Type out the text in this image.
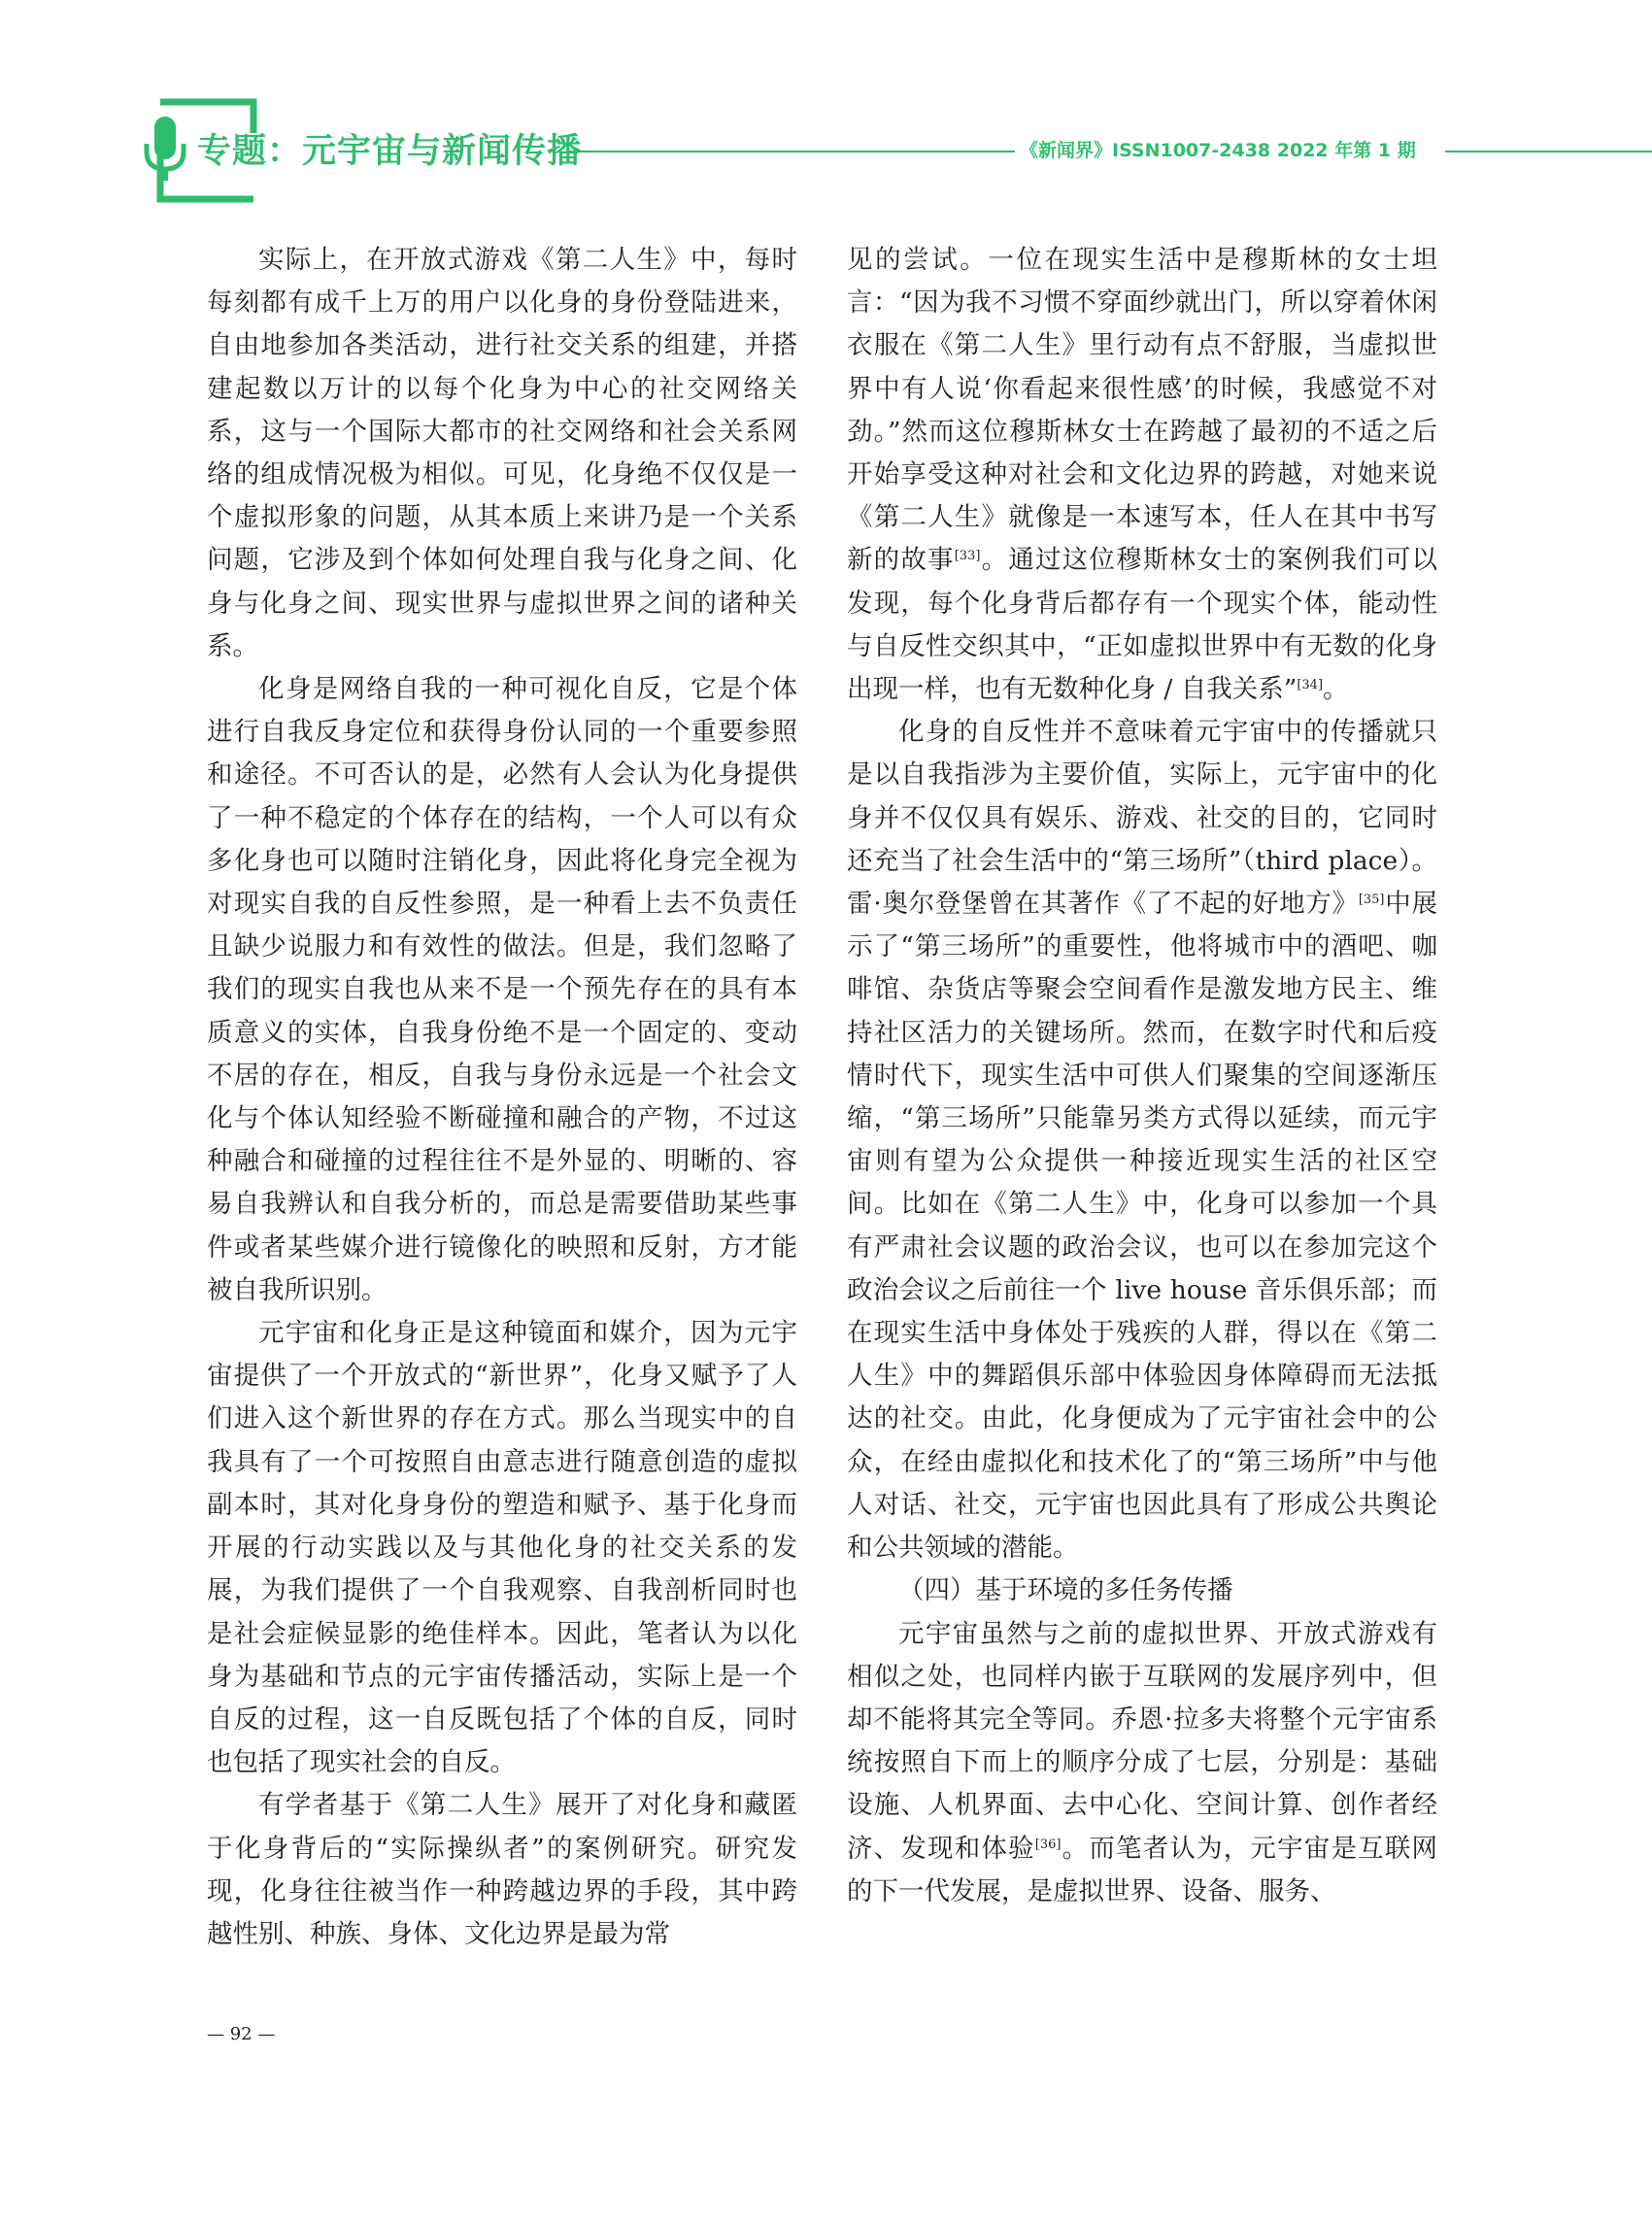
专题：元宇宙与新闻传播	《新闻界》ISSN1007-2438 2022 年第 1 期

实际上，在开放式游戏《第二人生》中，每时每刻都有成千上万的用户以化身的身份登陆进来，自由地参加各类活动，进行社交关系的组建，并搭建起数以万计的以每个化身为中心的社交网络关系，这与一个国际大都市的社交网络和社会关系网络的组成情况极为相似。可见，化身绝不仅仅是一个虚拟形象的问题，从其本质上来讲乃是一个关系问题，它涉及到个体如何处理自我与化身之间、化身与化身之间、现实世界与虚拟世界之间的诸种关系。

化身是网络自我的一种可视化自反，它是个体进行自我反身定位和获得身份认同的一个重要参照和途径。不可否认的是，必然有人会认为化身提供了一种不稳定的个体存在的结构，一个人可以有众多化身也可以随时注销化身，因此将化身完全视为对现实自我的自反性参照，是一种看上去不负责任且缺少说服力和有效性的做法。但是，我们忽略了我们的现实自我也从来不是一个预先存在的具有本质意义的实体，自我身份绝不是一个固定的、变动不居的存在，相反，自我与身份永远是一个社会文化与个体认知经验不断碰撞和融合的产物，不过这种融合和碰撞的过程往往不是外显的、明晰的、容易自我辨认和自我分析的，而总是需要借助某些事件或者某些媒介进行镜像化的映照和反射，方才能被自我所识别。

元宇宙和化身正是这种镜面和媒介，因为元宇宙提供了一个开放式的“新世界”，化身又赋予了人们进入这个新世界的存在方式。那么当现实中的自我具有了一个可按照自由意志进行随意创造的虚拟副本时，其对化身身份的塑造和赋予、基于化身而开展的行动实践以及与其他化身的社交关系的发展，为我们提供了一个自我观察、自我剖析同时也是社会症候显影的绝佳样本。因此，笔者认为以化身为基础和节点的元宇宙传播活动，实际上是一个自反的过程，这一自反既包括了个体的自反，同时也包括了现实社会的自反。

有学者基于《第二人生》展开了对化身和藏匿于化身背后的“实际操纵者”的案例研究。研究发现，化身往往被当作一种跨越边界的手段，其中跨越性别、种族、身体、文化边界是最为常

见的尝试。一位在现实生活中是穆斯林的女士坦言：“因为我不习惯不穿面纱就出门，所以穿着休闲衣服在《第二人生》里行动有点不舒服，当虚拟世界中有人说‘你看起来很性感’的时候，我感觉不对劲。”然而这位穆斯林女士在跨越了最初的不适之后开始享受这种对社会和文化边界的跨越，对她来说《第二人生》就像是一本速写本，任人在其中书写新的故事[33]。通过这位穆斯林女士的案例我们可以发现，每个化身背后都存有一个现实个体，能动性与自反性交织其中，“正如虚拟世界中有无数的化身出现一样，也有无数种化身 / 自我关系”[34]。

化身的自反性并不意味着元宇宙中的传播就只是以自我指涉为主要价值，实际上，元宇宙中的化身并不仅仅具有娱乐、游戏、社交的目的，它同时还充当了社会生活中的“第三场所”（third place）。雷·奥尔登堡曾在其著作《了不起的好地方》[35]中展示了“第三场所”的重要性，他将城市中的酒吧、咖啡馆、杂货店等聚会空间看作是激发地方民主、维持社区活力的关键场所。然而，在数字时代和后疫情时代下，现实生活中可供人们聚集的空间逐渐压缩，“第三场所”只能靠另类方式得以延续，而元宇宙则有望为公众提供一种接近现实生活的社区空间。比如在《第二人生》中，化身可以参加一个具有严肃社会议题的政治会议，也可以在参加完这个政治会议之后前往一个 live house 音乐俱乐部；而在现实生活中身体处于残疾的人群，得以在《第二人生》中的舞蹈俱乐部中体验因身体障碍而无法抵达的社交。由此，化身便成为了元宇宙社会中的公众，在经由虚拟化和技术化了的“第三场所”中与他人对话、社交，元宇宙也因此具有了形成公共舆论和公共领域的潜能。

（四）基于环境的多任务传播

元宇宙虽然与之前的虚拟世界、开放式游戏有相似之处，也同样内嵌于互联网的发展序列中，但却不能将其完全等同。乔恩·拉多夫将整个元宇宙系统按照自下而上的顺序分成了七层，分别是：基础设施、人机界面、去中心化、空间计算、创作者经济、发现和体验[36]。而笔者认为，元宇宙是互联网的下一代发展，是虚拟世界、设备、服务、

— 92 —
